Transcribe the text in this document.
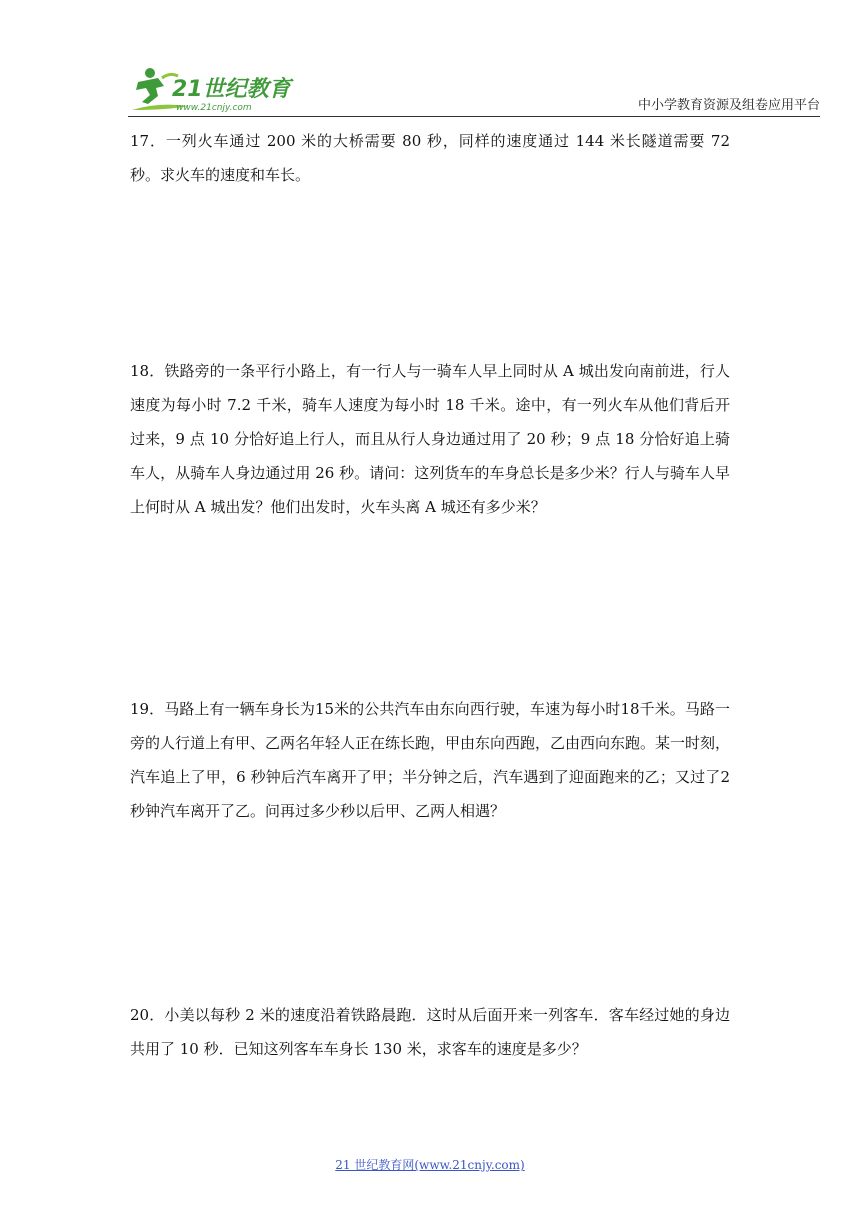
21世纪教育
www.21cnjy.com	中小学教育资源及组卷应用平台
17．一列火车通过 200 米的大桥需要 80 秒，同样的速度通过 144 米长隧道需要 72 秒。求火车的速度和车长。
18．铁路旁的一条平行小路上，有一行人与一骑车人早上同时从 A 城出发向南前进，行人速度为每小时 7.2 千米，骑车人速度为每小时 18 千米。途中，有一列火车从他们背后开过来，9 点 10 分恰好追上行人，而且从行人身边通过用了 20 秒；9 点 18 分恰好追上骑车人，从骑车人身边通过用 26 秒。请问：这列货车的车身总长是多少米？行人与骑车人早上何时从 A 城出发？他们出发时，火车头离 A 城还有多少米？
19．马路上有一辆车身长为15米的公共汽车由东向西行驶，车速为每小时18千米。马路一旁的人行道上有甲、乙两名年轻人正在练长跑，甲由东向西跑，乙由西向东跑。某一时刻，汽车追上了甲，6 秒钟后汽车离开了甲；半分钟之后，汽车遇到了迎面跑来的乙；又过了2秒钟汽车离开了乙。问再过多少秒以后甲、乙两人相遇？
20．小美以每秒 2 米的速度沿着铁路晨跑．这时从后面开来一列客车．客车经过她的身边共用了 10 秒．已知这列客车车身长 130 米，求客车的速度是多少？
21 世纪教育网(www.21cnjy.com)
